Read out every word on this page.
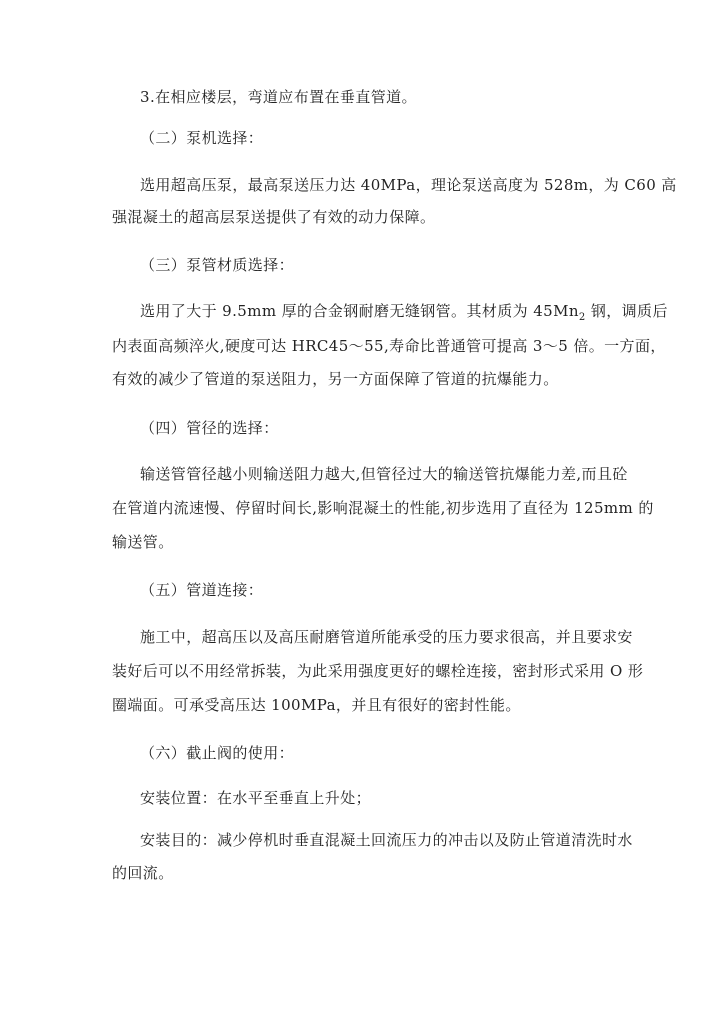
3.在相应楼层，弯道应布置在垂直管道。
（二）泵机选择：
选用超高压泵，最高泵送压力达 40MPa，理论泵送高度为 528m，为 C60 高
强混凝土的超高层泵送提供了有效的动力保障。
（三）泵管材质选择：
选用了大于 9.5mm 厚的合金钢耐磨无缝钢管。其材质为 $45Mn_2$ 钢，调质后
内表面高频淬火,硬度可达 HRC45～55,寿命比普通管可提高 3～5 倍。一方面，
有效的减少了管道的泵送阻力，另一方面保障了管道的抗爆能力。
（四）管径的选择：
输送管管径越小则输送阻力越大,但管径过大的输送管抗爆能力差,而且砼
在管道内流速慢、停留时间长,影响混凝土的性能,初步选用了直径为 125mm 的
输送管。
（五）管道连接：
施工中，超高压以及高压耐磨管道所能承受的压力要求很高，并且要求安
装好后可以不用经常拆装，为此采用强度更好的螺栓连接，密封形式采用 O 形
圈端面。可承受高压达 100MPa，并且有很好的密封性能。
（六）截止阀的使用：
安装位置：在水平至垂直上升处；
安装目的：减少停机时垂直混凝土回流压力的冲击以及防止管道清洗时水
的回流。
